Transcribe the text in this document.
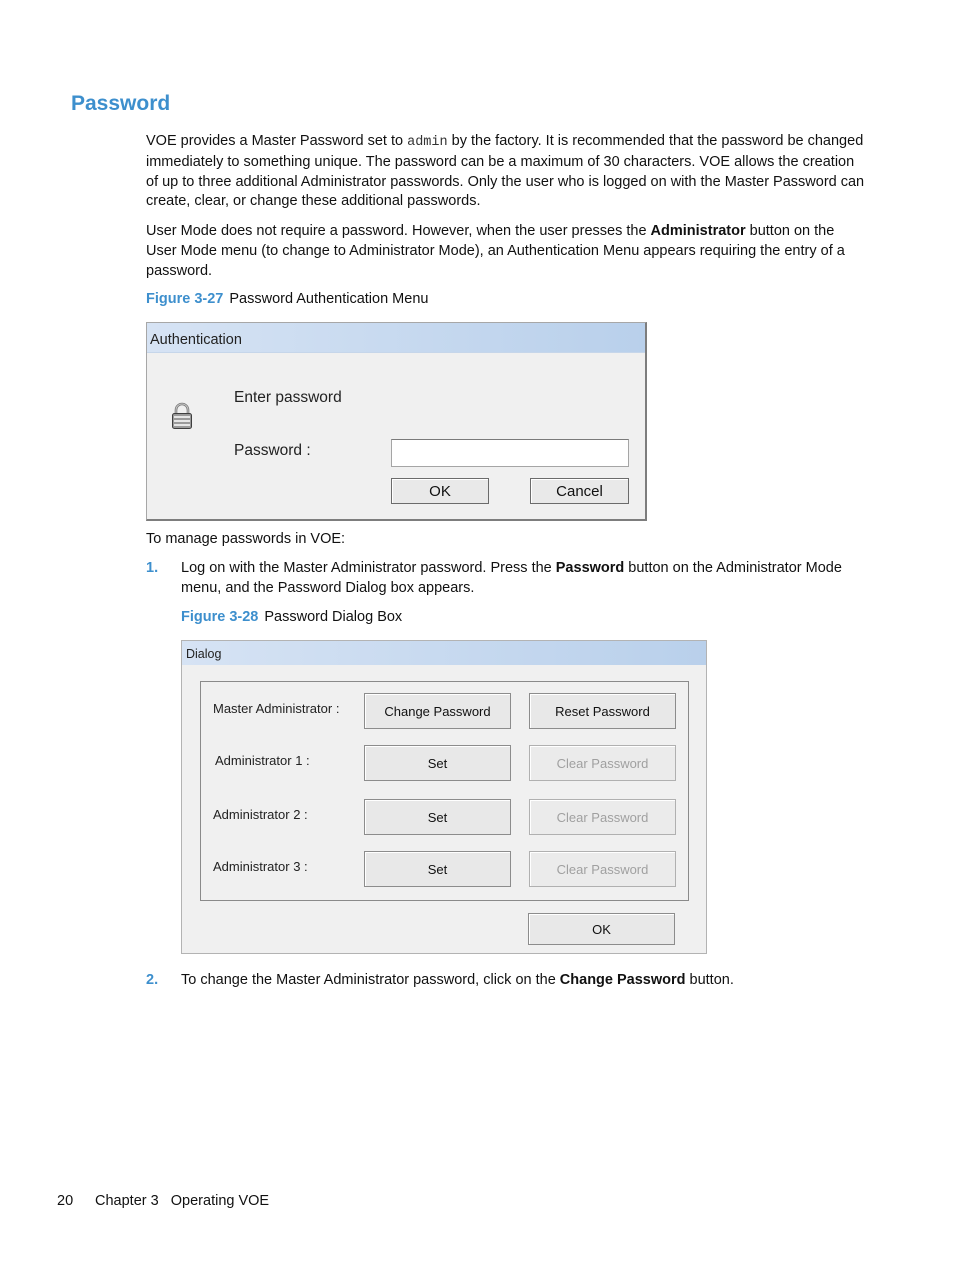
Password

VOE provides a Master Password set to admin by the factory. It is recommended that the password be changed immediately to something unique. The password can be a maximum of 30 characters. VOE allows the creation of up to three additional Administrator passwords. Only the user who is logged on with the Master Password can create, clear, or change these additional passwords.

User Mode does not require a password. However, when the user presses the Administrator button on the User Mode menu (to change to Administrator Mode), an Authentication Menu appears requiring the entry of a password.

Figure 3-27 Password Authentication Menu
Authentication
Enter password
Password :
OK	Cancel
To manage passwords in VOE:
1. Log on with the Master Administrator password. Press the Password button on the Administrator Mode menu, and the Password Dialog box appears.

Figure 3-28 Password Dialog Box
Dialog
Master Administrator :	Change Password	Reset Password
Administrator 1 :	Set	Clear Password
Administrator 2 :	Set	Clear Password
Administrator 3 :	Set	Clear Password
OK
2. To change the Master Administrator password, click on the Change Password button.

20 Chapter 3   Operating VOE
